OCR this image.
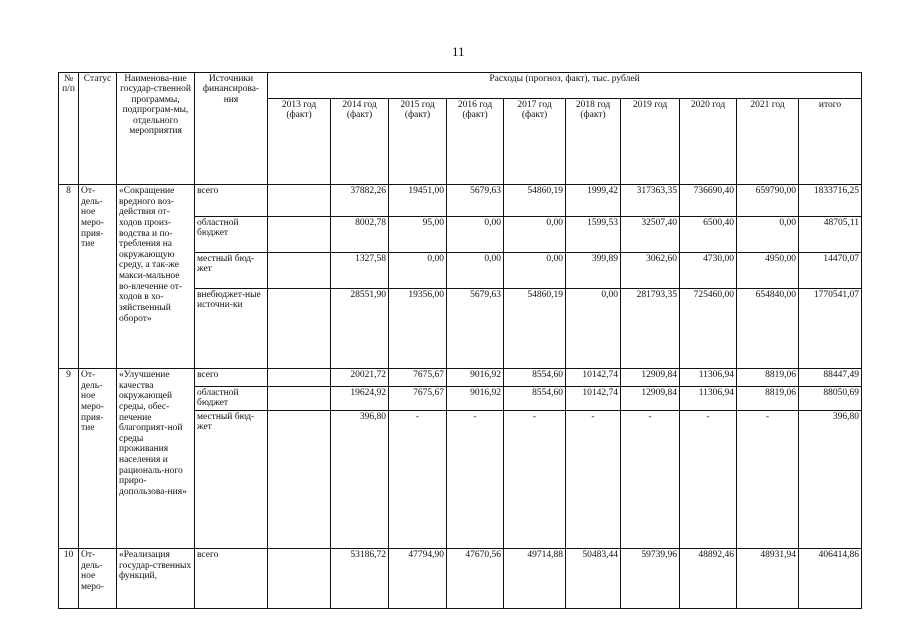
11
№ п/п	Статус	Наименова-ние государ-ственной программы, подпрограм-мы, отдельного мероприятия	Источники финансирова-ния	Расходы (прогноз, факт), тыс. рублей									
				2013 год (факт)	2014 год (факт)	2015 год (факт)	2016 год (факт)	2017 год (факт)	2018 год (факт)	2019 год	2020 год	2021 год	итого
8	От-дель-ное меро-прия-тие	«Сокращение вредного воз-действия от-ходов произ-водства и по-требления на окружающую среду, а так-же макси-мальное во-влечение от-ходов в хо-зяйственный оборот»	всего		37882,26	19451,00	5679,63	54860,19	1999,42	317363,35	736690,40	659790,00	1833716,25
			областной бюджет		8002,78	95,00	0,00	0,00	1599,53	32507,40	6500,40	0,00	48705,11
			местный бюд-жет		1327,58	0,00	0,00	0,00	399,89	3062,60	4730,00	4950,00	14470,07
			внебюджет-ные источни-ки		28551,90	19356,00	5679,63	54860,19	0,00	281793,35	725460,00	654840,00	1770541,07
9	От-дель-ное меро-прия-тие	«Улучшение качества окружающей среды, обес-печение благоприят-ной среды проживания населения и рациональ-ного приро-допользова-ния»	всего		20021,72	7675,67	9016,92	8554,60	10142,74	12909,84	11306,94	8819,06	88447,49
			областной бюджет		19624,92	7675,67	9016,92	8554,60	10142,74	12909,84	11306,94	8819,06	88050,69
			местный бюд-жет		396,80	-	-	-	-	-	-	-	396,80
10	От-дель-ное меро-	«Реализация государ-ственных функций,	всего		53186,72	47794,90	47670,56	49714,88	50483,44	59739,96	48892,46	48931,94	406414,86
